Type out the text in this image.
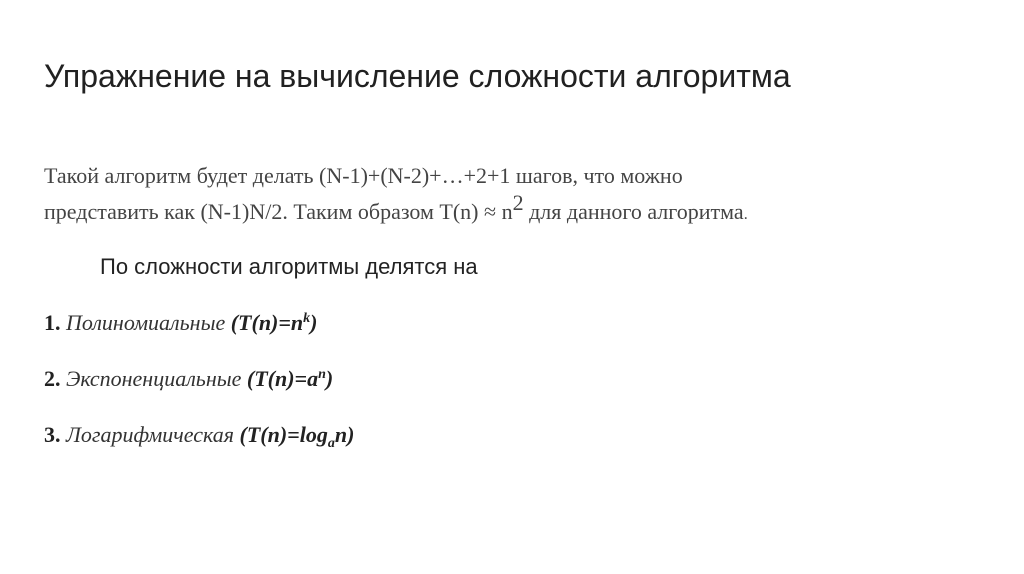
Упражнение на вычисление сложности алгоритма
Такой алгоритм будет делать (N-1)+(N-2)+…+2+1 шагов, что можно
представить как (N-1)N/2. Таким образом $T(n) \approx n^2$ для данного алгоритма.
По сложности алгоритмы делятся на
1. Полиномиальные $(T(n)=n^k)$
2. Экспоненциальные $(T(n)=a^n)$
3. Логарифмическая $(T(n)=\log_an)$
